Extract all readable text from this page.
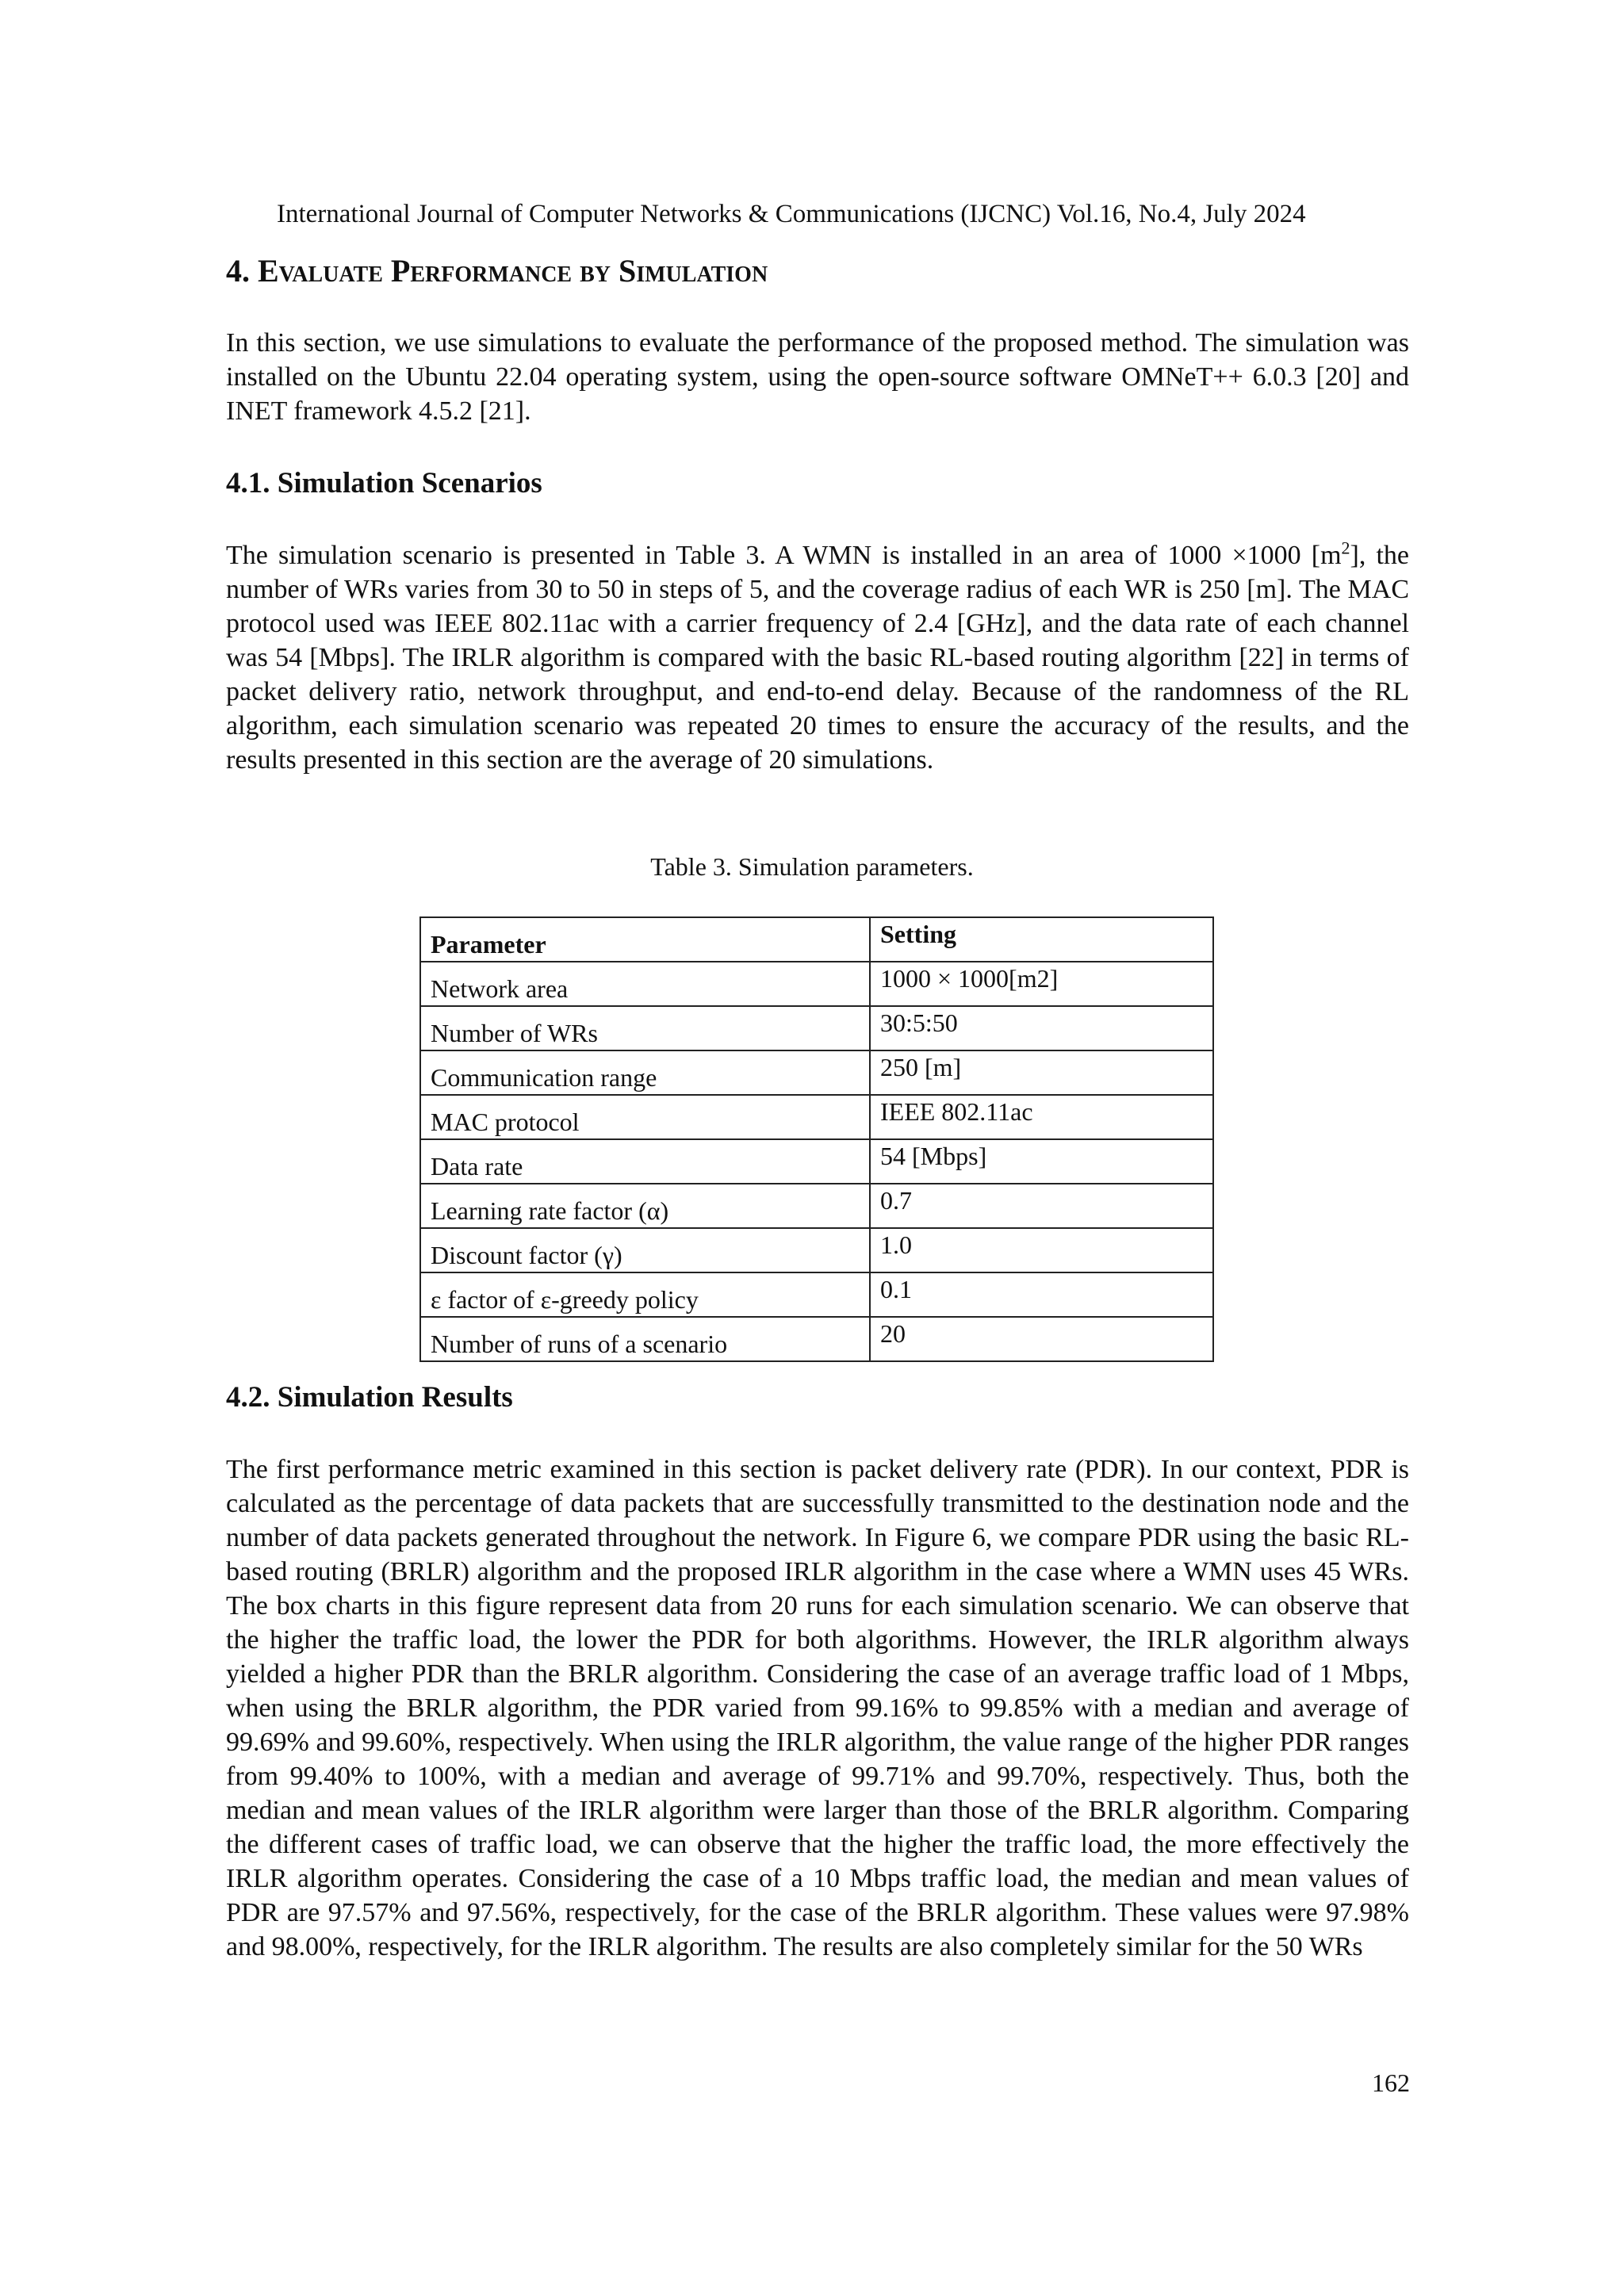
International Journal of Computer Networks & Communications (IJCNC) Vol.16, No.4, July 2024
4. Evaluate Performance by Simulation

In this section, we use simulations to evaluate the performance of the proposed method. The simulation was installed on the Ubuntu 22.04 operating system, using the open-source software OMNeT++ 6.0.3 [20] and INET framework 4.5.2 [21].

4.1. Simulation Scenarios

The simulation scenario is presented in Table 3. A WMN is installed in an area of 1000 ×1000 $[m^2]$, the number of WRs varies from 30 to 50 in steps of 5, and the coverage radius of each WR is 250 [m]. The MAC protocol used was IEEE 802.11ac with a carrier frequency of 2.4 [GHz], and the data rate of each channel was 54 [Mbps]. The IRLR algorithm is compared with the basic RL-based routing algorithm [22] in terms of packet delivery ratio, network throughput, and end-to-end delay. Because of the randomness of the RL algorithm, each simulation scenario was repeated 20 times to ensure the accuracy of the results, and the results presented in this section are the average of 20 simulations.

Table 3. Simulation parameters.
Parameter	Setting
Network area	1000 × 1000[m2]
Number of WRs	30:5:50
Communication range	250 [m]
MAC protocol	IEEE 802.11ac
Data rate	54 [Mbps]
Learning rate factor (α)	0.7
Discount factor (γ)	1.0
ε factor of ε-greedy policy	0.1
Number of runs of a scenario	20
4.2. Simulation Results

The first performance metric examined in this section is packet delivery rate (PDR). In our context, PDR is calculated as the percentage of data packets that are successfully transmitted to the destination node and the number of data packets generated throughout the network. In Figure 6, we compare PDR using the basic RL-based routing (BRLR) algorithm and the proposed IRLR algorithm in the case where a WMN uses 45 WRs. The box charts in this figure represent data from 20 runs for each simulation scenario. We can observe that the higher the traffic load, the lower the PDR for both algorithms. However, the IRLR algorithm always yielded a higher PDR than the BRLR algorithm. Considering the case of an average traffic load of 1 Mbps, when using the BRLR algorithm, the PDR varied from 99.16% to 99.85% with a median and average of 99.69% and 99.60%, respectively. When using the IRLR algorithm, the value range of the higher PDR ranges from 99.40% to 100%, with a median and average of 99.71% and 99.70%, respectively. Thus, both the median and mean values of the IRLR algorithm were larger than those of the BRLR algorithm. Comparing the different cases of traffic load, we can observe that the higher the traffic load, the more effectively the IRLR algorithm operates. Considering the case of a 10 Mbps traffic load, the median and mean values of PDR are 97.57% and 97.56%, respectively, for the case of the BRLR algorithm. These values were 97.98% and 98.00%, respectively, for the IRLR algorithm. The results are also completely similar for the 50 WRs

162
